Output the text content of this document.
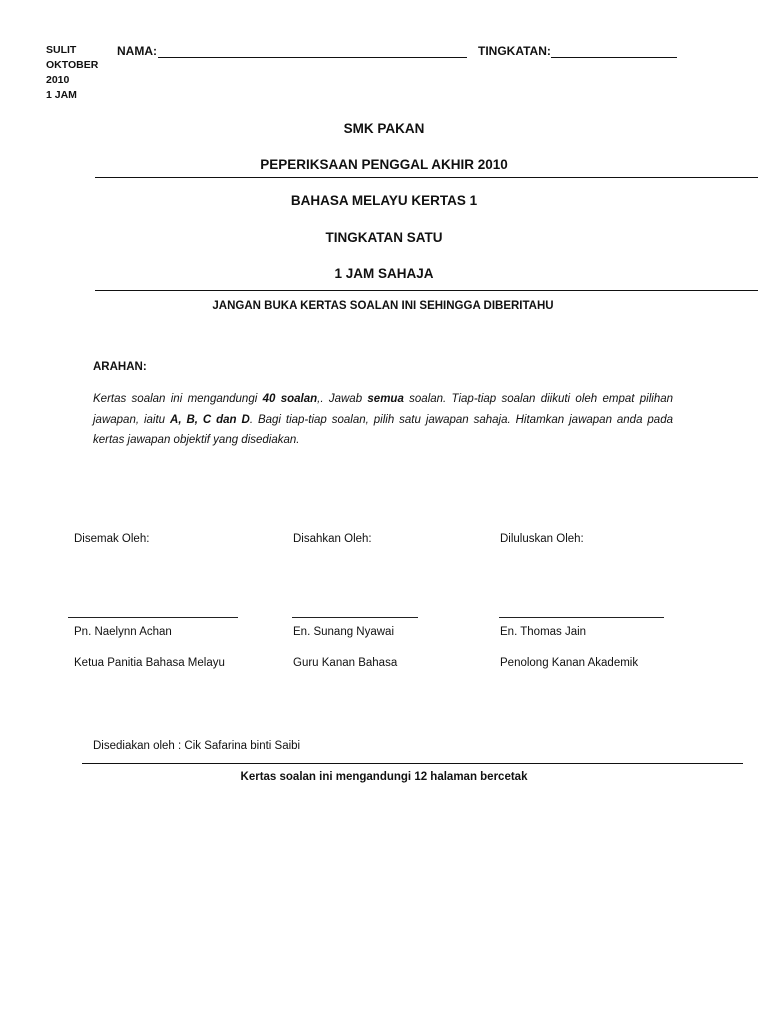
SULIT
OKTOBER
2010
1 JAM
NAMA:	TINGKATAN:
SMK PAKAN
PEPERIKSAAN PENGGAL AKHIR 2010
BAHASA MELAYU KERTAS 1
TINGKATAN SATU
1 JAM SAHAJA
JANGAN BUKA KERTAS SOALAN INI SEHINGGA DIBERITAHU
ARAHAN:
Kertas soalan ini mengandungi 40 soalan,. Jawab semua soalan. Tiap-tiap soalan diikuti oleh empat pilihan jawapan, iaitu A, B, C dan D. Bagi tiap-tiap soalan, pilih satu jawapan sahaja. Hitamkan jawapan anda pada kertas jawapan objektif yang disediakan.
Disemak Oleh:	Disahkan Oleh:	Diluluskan Oleh:
Pn. Naelynn Achan	En. Sunang Nyawai	En. Thomas Jain
Ketua Panitia Bahasa Melayu	Guru Kanan Bahasa	Penolong Kanan Akademik
Disediakan oleh : Cik Safarina binti Saibi
Kertas soalan ini mengandungi 12 halaman bercetak
